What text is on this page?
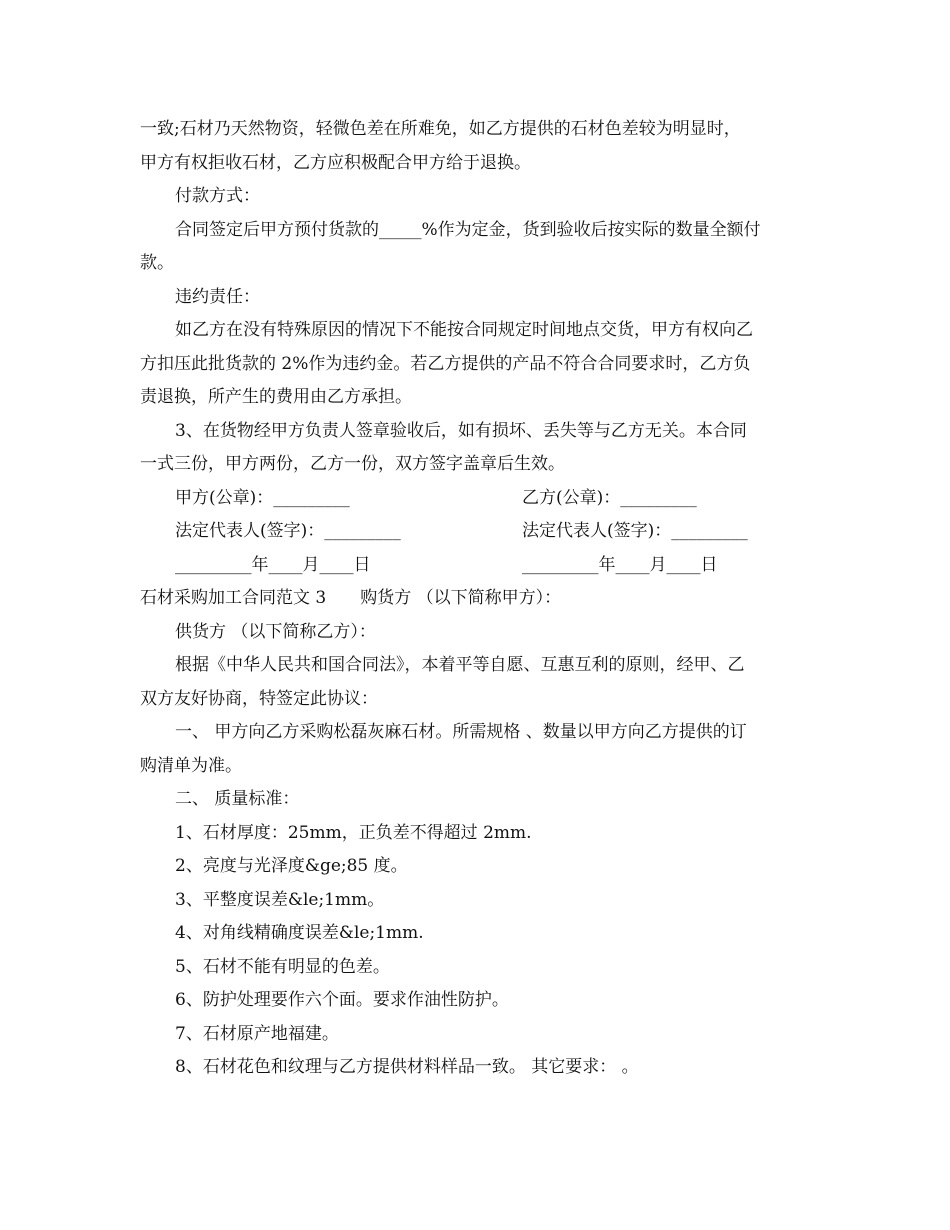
一致;石材乃天然物资，轻微色差在所难免，如乙方提供的石材色差较为明显时，

甲方有权拒收石材，乙方应积极配合甲方给于退换。

付款方式：

合同签定后甲方预付货款的_____%作为定金，货到验收后按实际的数量全额付

款。

违约责任：

如乙方在没有特殊原因的情况下不能按合同规定时间地点交货，甲方有权向乙

方扣压此批货款的 2%作为违约金。若乙方提供的产品不符合合同要求时，乙方负

责退换，所产生的费用由乙方承担。

3、在货物经甲方负责人签章验收后，如有损坏、丢失等与乙方无关。本合同

一式三份，甲方两份，乙方一份，双方签字盖章后生效。

甲方(公章)：_________	乙方(公章)：_________
法定代表人(签字)：_________	法定代表人(签字)：_________
_________年____月____日	_________年____月____日

石材采购加工合同范文 3 购货方 （以下简称甲方）：

供货方 （以下简称乙方）：

根据《中华人民共和国合同法》，本着平等自愿、互惠互利的原则，经甲、乙

双方友好协商，特签定此协议：

一、 甲方向乙方采购松磊灰麻石材。所需规格 、数量以甲方向乙方提供的订

购清单为准。

二、 质量标准：

1、石材厚度：25mm，正负差不得超过 2mm.

2、亮度与光泽度&ge;85 度。

3、平整度误差&le;1mm。

4、对角线精确度误差&le;1mm.

5、石材不能有明显的色差。

6、防护处理要作六个面。要求作油性防护。

7、石材原产地福建。

8、石材花色和纹理与乙方提供材料样品一致。 其它要求： 。
